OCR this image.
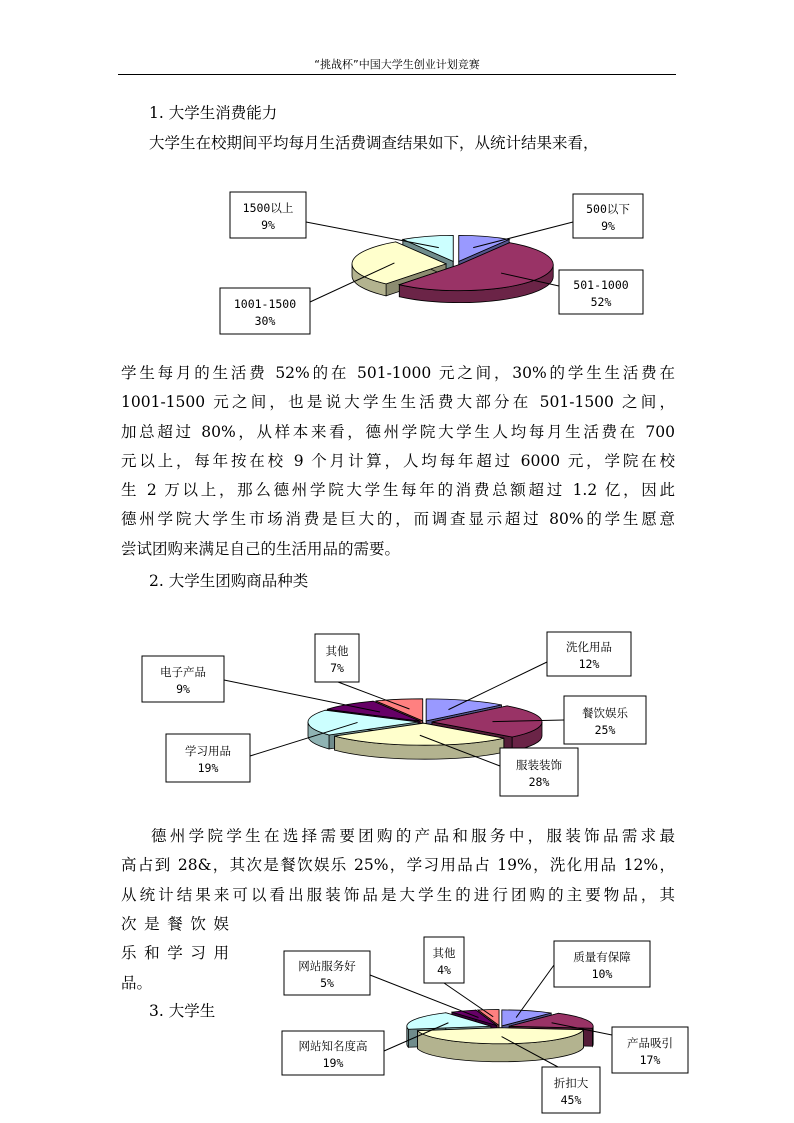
“挑战杯”中国大学生创业计划竞赛
1. 大学生消费能力
大学生在校期间平均每月生活费调查结果如下，从统计结果来看，
500以下
9%
501-1000
52%
1001-1500
30%
1500以上
9%
学生每月的生活费 52%的在 501-1000 元之间，30%的学生生活费在
1001-1500 元之间，也是说大学生生活费大部分在 501-1500 之间，
加总超过 80%，从样本来看，德州学院大学生人均每月生活费在 700
元以上，每年按在校 9 个月计算，人均每年超过 6000 元，学院在校
生 2 万以上，那么德州学院大学生每年的消费总额超过 1.2 亿，因此
德州学院大学生市场消费是巨大的，而调查显示超过 80%的学生愿意
尝试团购来满足自己的生活用品的需要。
2. 大学生团购商品种类
洗化用品
12%
餐饮娱乐
25%
服装装饰
28%
学习用品
19%
电子产品
9%
其他
7%
德州学院学生在选择需要团购的产品和服务中，服装饰品需求最
高占到 28&，其次是餐饮娱乐 25%，学习用品占 19%，洗化用品 12%，
从统计结果来可以看出服装饰品是大学生的进行团购的主要物品，其
次是餐饮娱
乐和学习用
品。
3. 大学生
质量有保障
10%
产品吸引
17%
折扣大
45%
网站知名度高
19%
网站服务好
5%
其他
4%
